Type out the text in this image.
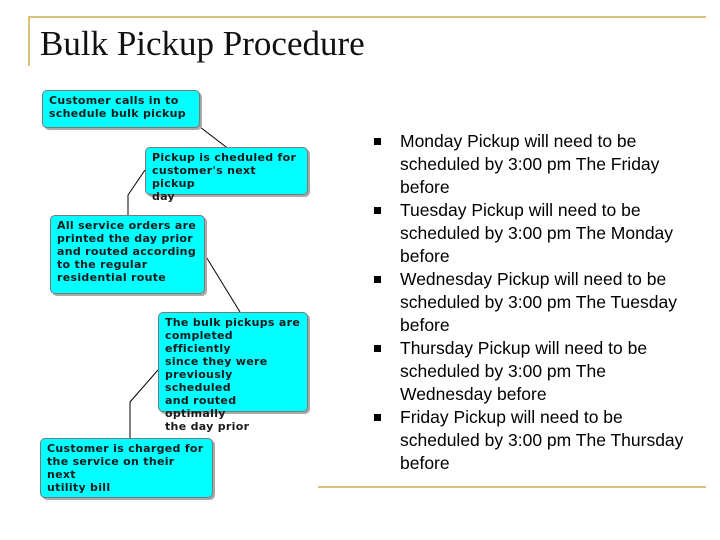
Bulk Pickup Procedure
Customer calls in to
schedule bulk pickup
Pickup is cheduled for
customer's next pickup
day
All service orders are
printed the day prior
and routed according
to the regular
residential route
The bulk pickups are
completed efficiently
since they were
previously scheduled
and routed optimally
the day prior
Customer is charged for
the service on their next
utility bill
Monday Pickup will need to be scheduled by 3:00 pm The Friday before
Tuesday Pickup will need to be scheduled by 3:00 pm The Monday before
Wednesday Pickup will need to be scheduled by 3:00 pm The Tuesday before
Thursday Pickup will need to be scheduled by 3:00 pm The Wednesday before
Friday Pickup will need to be scheduled by 3:00 pm The Thursday before
